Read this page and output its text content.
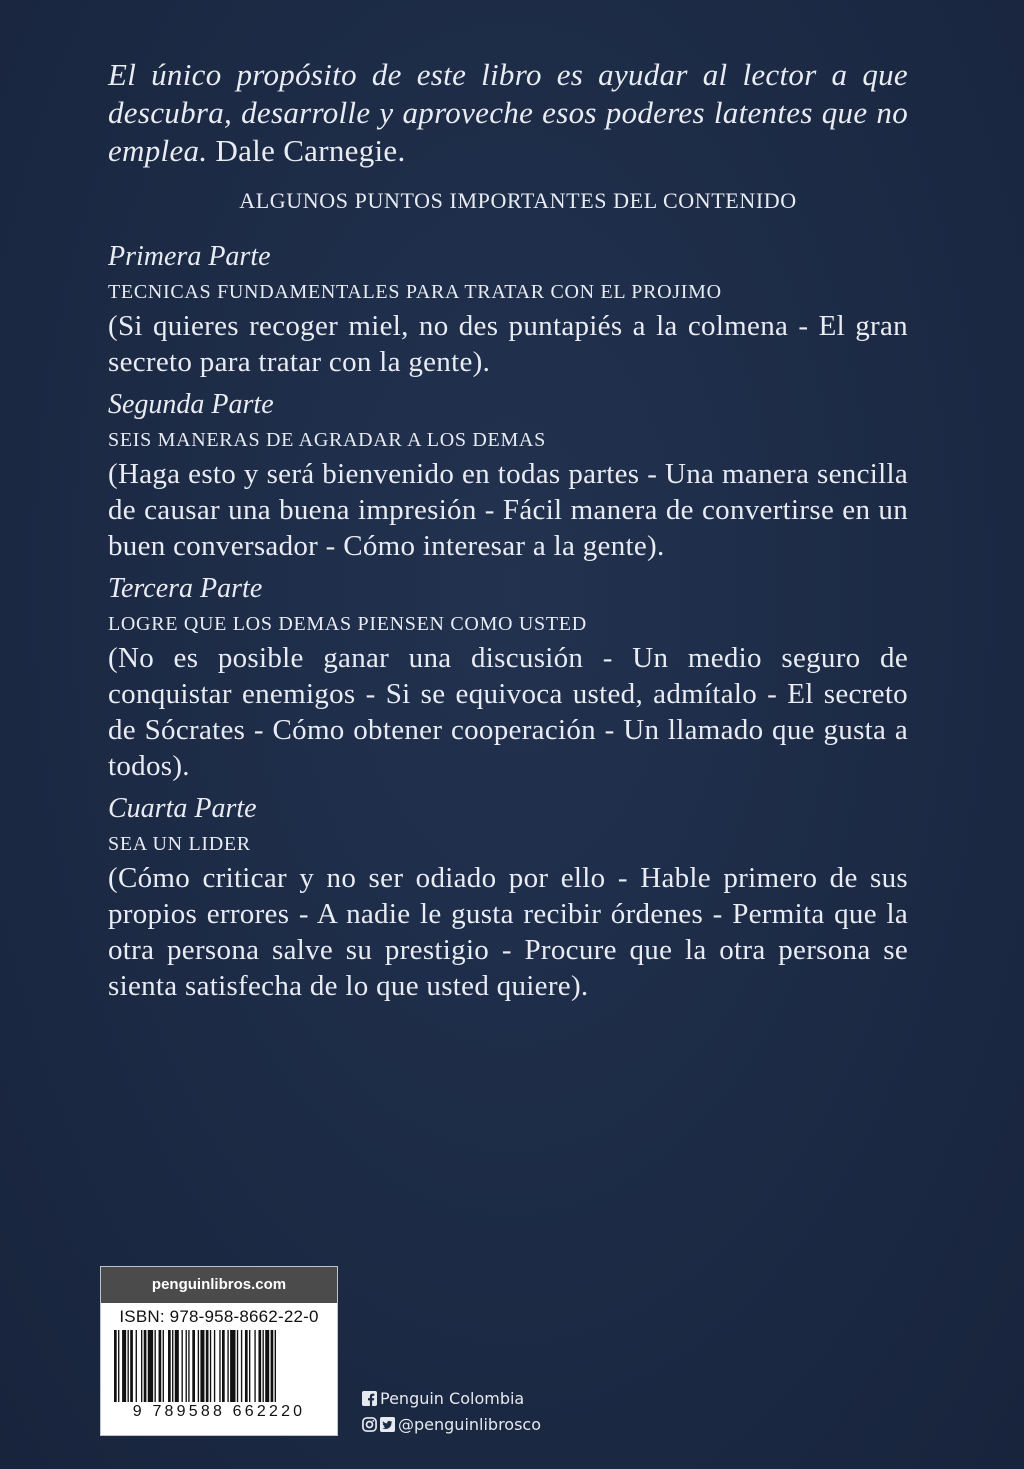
El único propósito de este libro es ayudar al lector a que descubra, desarrolle y aproveche esos poderes latentes que no emplea. Dale Carnegie.

ALGUNOS PUNTOS IMPORTANTES DEL CONTENIDO

Primera Parte

TECNICAS FUNDAMENTALES PARA TRATAR CON EL PROJIMO

(Si quieres recoger miel, no des puntapiés a la colmena - El gran secreto para tratar con la gente).

Segunda Parte

SEIS MANERAS DE AGRADAR A LOS DEMAS

(Haga esto y será bienvenido en todas partes - Una manera sencilla de causar una buena impresión - Fácil manera de convertirse en un buen conversador - Cómo interesar a la gente).

Tercera Parte

LOGRE QUE LOS DEMAS PIENSEN COMO USTED

(No es posible ganar una discusión - Un medio seguro de conquistar enemigos - Si se equivoca usted, admítalo - El secreto de Sócrates - Cómo obtener cooperación - Un llamado que gusta a todos).

Cuarta Parte

SEA UN LIDER

(Cómo criticar y no ser odiado por ello - Hable primero de sus propios errores - A nadie le gusta recibir órdenes - Permita que la otra persona salve su prestigio - Procure que la otra persona se sienta satisfecha de lo que usted quiere).

penguinlibros.com
ISBN: 978-958-8662-22-0
9 789588 662220
Penguin Colombia
@penguinlibrosco
